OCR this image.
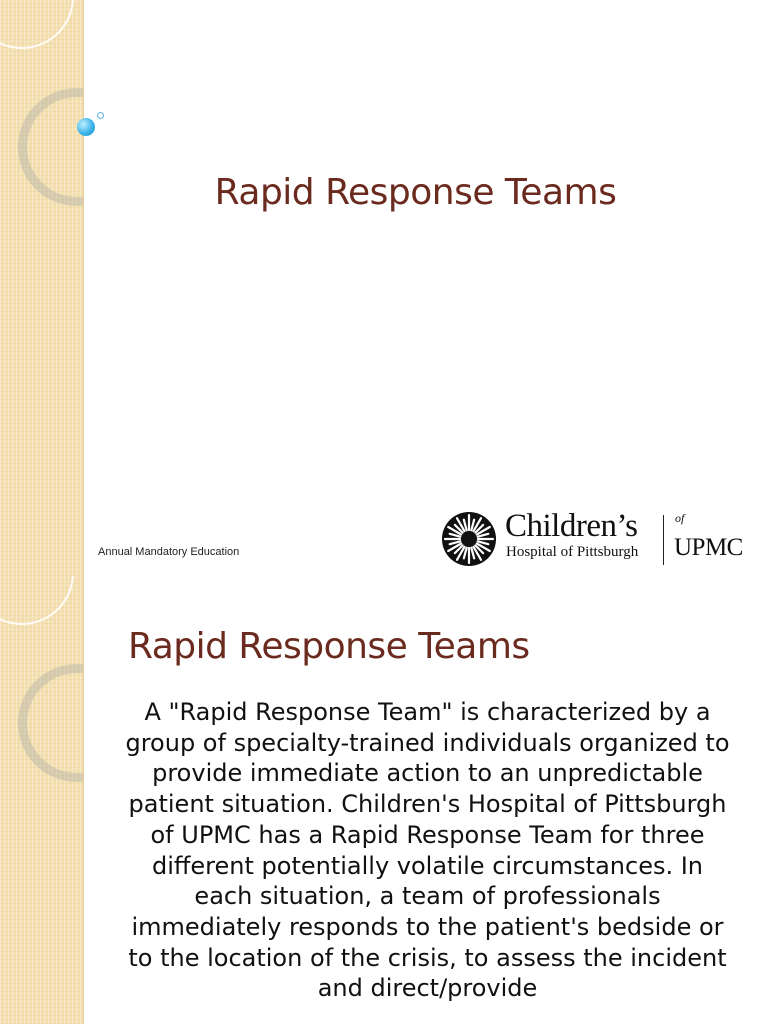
Rapid Response Teams
Annual Mandatory Education
Children’s
Hospital of Pittsburgh
of
UPMC
Rapid Response Teams

A "Rapid Response Team" is characterized by a group of specialty-trained individuals organized to provide immediate action to an unpredictable patient situation. Children's Hospital of Pittsburgh of UPMC has a Rapid Response Team for three different potentially volatile circumstances. In each situation, a team of professionals immediately responds to the patient's bedside or to the location of the crisis, to assess the incident and direct/provide
